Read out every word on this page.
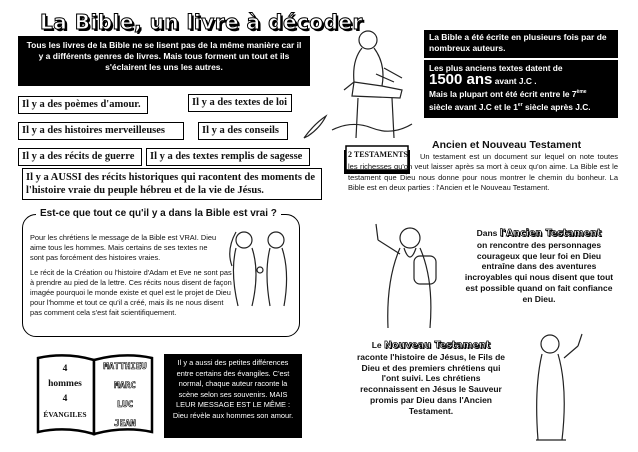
La Bible, un livre à décoder
Tous les livres de la Bible ne se lisent pas de la même manière car il y a différents genres de livres. Mais tous forment un tout et ils s'éclairent les uns les autres.
Il y a des poèmes d'amour.	Il y a des textes de loi
Il y a des histoires merveilleuses	Il y a des conseils
Il y a des récits de guerre	Il y a des textes remplis de sagesse
Il y a AUSSI des récits historiques qui racontent des moments de l'histoire vraie du peuple hébreu et de la vie de Jésus.

Pour les chrétiens le message de la Bible est VRAI. Dieu aime tous les hommes. Mais certains de ses textes ne sont pas forcément des histoires vraies.

Le récit de la Création ou l'histoire d'Adam et Eve ne sont pas à prendre au pied de la lettre. Ces récits nous disent de façon imagée pourquoi le monde existe et quel est le projet de Dieu pour l'homme et tout ce qu'il a créé, mais ils ne nous disent pas comment cela s'est fait scientifiquement.

Est-ce que tout ce qu'il y a dans la Bible est vrai ?
4
hommes
4
ÉVANGILES
MATTHIEU
MARC
LUC
JEAN
Il y a aussi des petites différences entre certains des évangiles. C'est normal, chaque auteur raconte la scène selon ses souvenirs. MAIS LEUR MESSAGE EST LE MÊME : Dieu révèle aux hommes son amour.
La Bible a été écrite en plusieurs fois par de nombreux auteurs.
Les plus anciens textes datent de
1500 ans avant J.C .
Mais la plupart ont été écrit entre le 7ème
siècle avant J.C et le 1er siècle après J.C.
Ancien et Nouveau Testament
2 TESTAMENTS	Un testament est un document sur lequel on note toutes les richesses qu'on veut laisser après sa mort à ceux qu'on aime. La Bible est le testament que Dieu nous donne pour nous montrer le chemin du bonheur. La Bible est en deux parties : l'Ancien et le Nouveau Testament.
Dans l'Ancien Testament
on rencontre des personnages courageux que leur foi en Dieu entraîne dans des aventures incroyables qui nous disent que tout est possible quand on fait confiance en Dieu.
Le Nouveau Testament
raconte l'histoire de Jésus, le Fils de Dieu et des premiers chrétiens qui l'ont suivi. Les chrétiens reconnaissent en Jésus le Sauveur promis par Dieu dans l'Ancien Testament.
